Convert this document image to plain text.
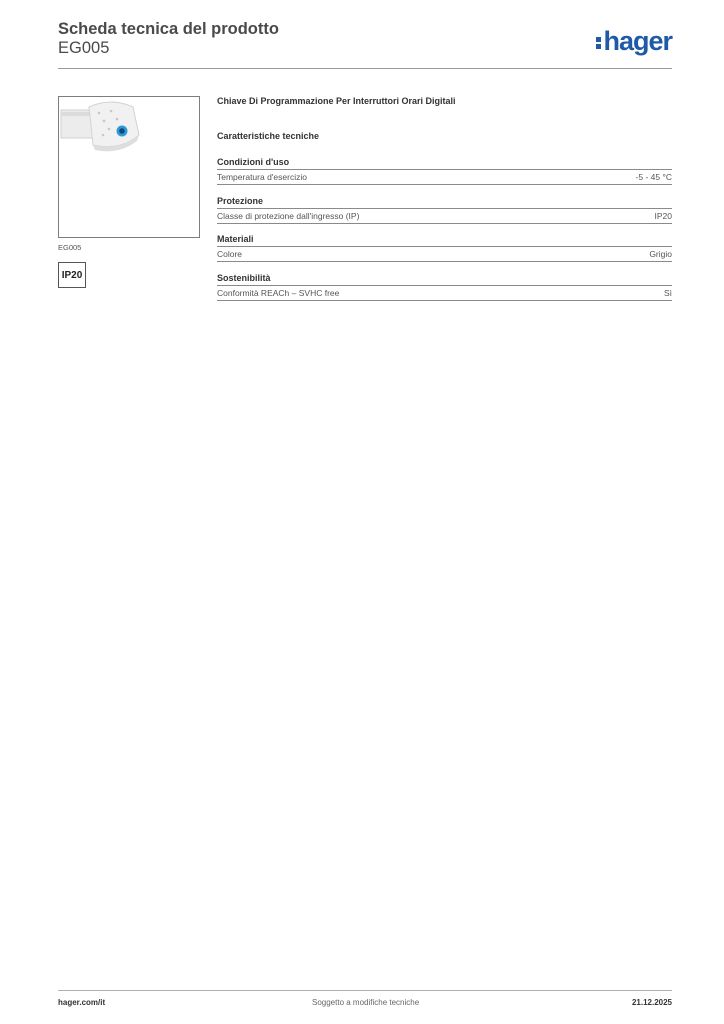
Scheda tecnica del prodotto
EG005	hager
EG005
IP20
Chiave Di Programmazione Per Interruttori Orari Digitali
Caratteristiche tecniche
Condizioni d'uso
Temperatura d'esercizio	-5 - 45 °C
Protezione
Classe di protezione dall'ingresso (IP)	IP20
Materiali
Colore	Grigio
Sostenibilità
Conformità REACh – SVHC free	Sì
hager.com/it	Soggetto a modifiche tecniche	21.12.2025
